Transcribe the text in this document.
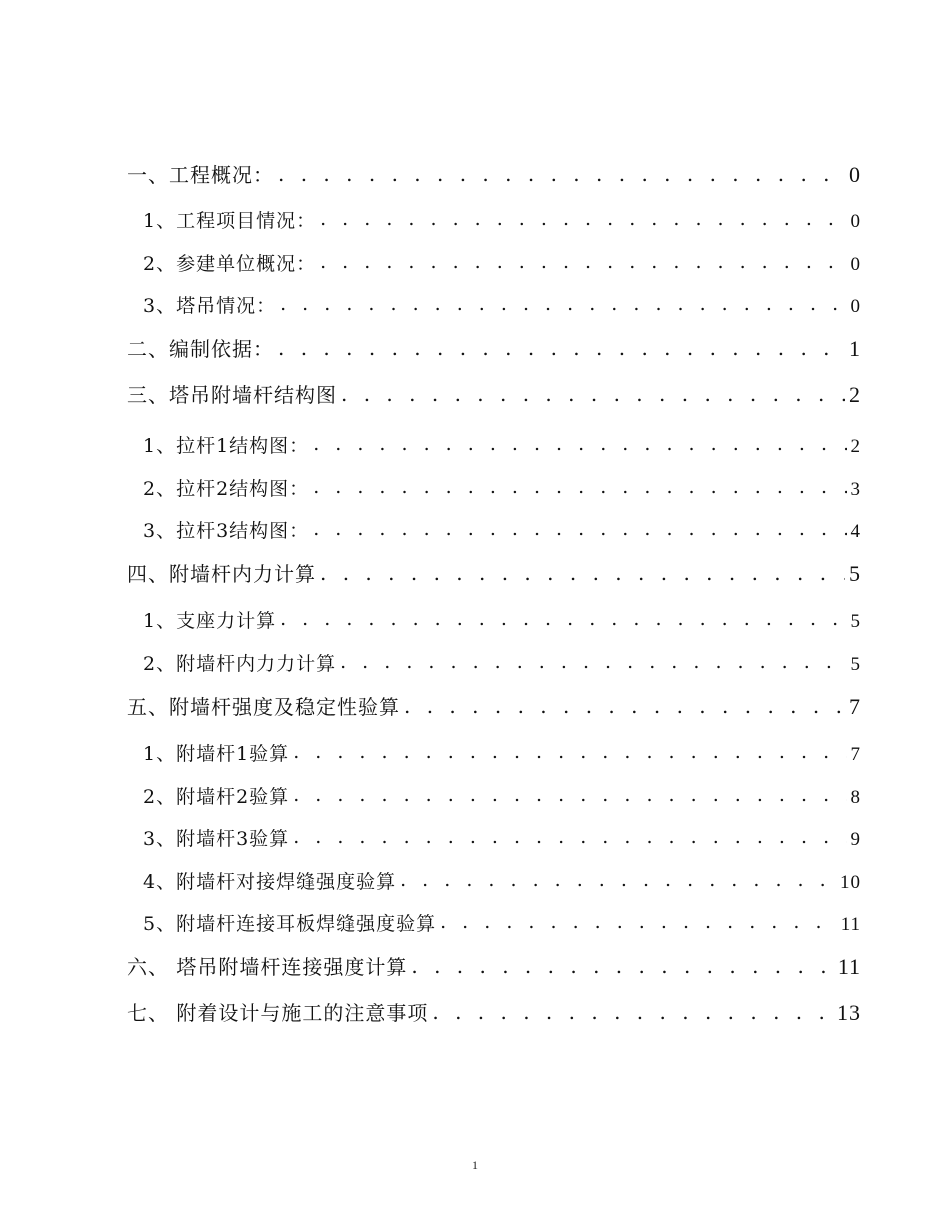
一、工程概况： . . .	0
1、工程项目情况： . . .	0
2、参建单位概况： . . .	0
3、塔吊情况： . . .	0
二、编制依据： . . .	1
三、塔吊附墙杆结构图 . . .	2
1、拉杆1结构图： . . .	2
2、拉杆2结构图： . . .	3
3、拉杆3结构图： . . .	4
四、附墙杆内力计算 . . .	5
1、支座力计算 . . .	5
2、附墙杆内力力计算 . . .	5
五、附墙杆强度及稳定性验算 . . .	7
1、附墙杆1验算 . . .	7
2、附墙杆2验算 . . .	8
3、附墙杆3验算 . . .	9
4、附墙杆对接焊缝强度验算 . . .	10
5、附墙杆连接耳板焊缝强度验算 . . .	11
六、 塔吊附墙杆连接强度计算 . . .	11
七、 附着设计与施工的注意事项 . . .	13
1
